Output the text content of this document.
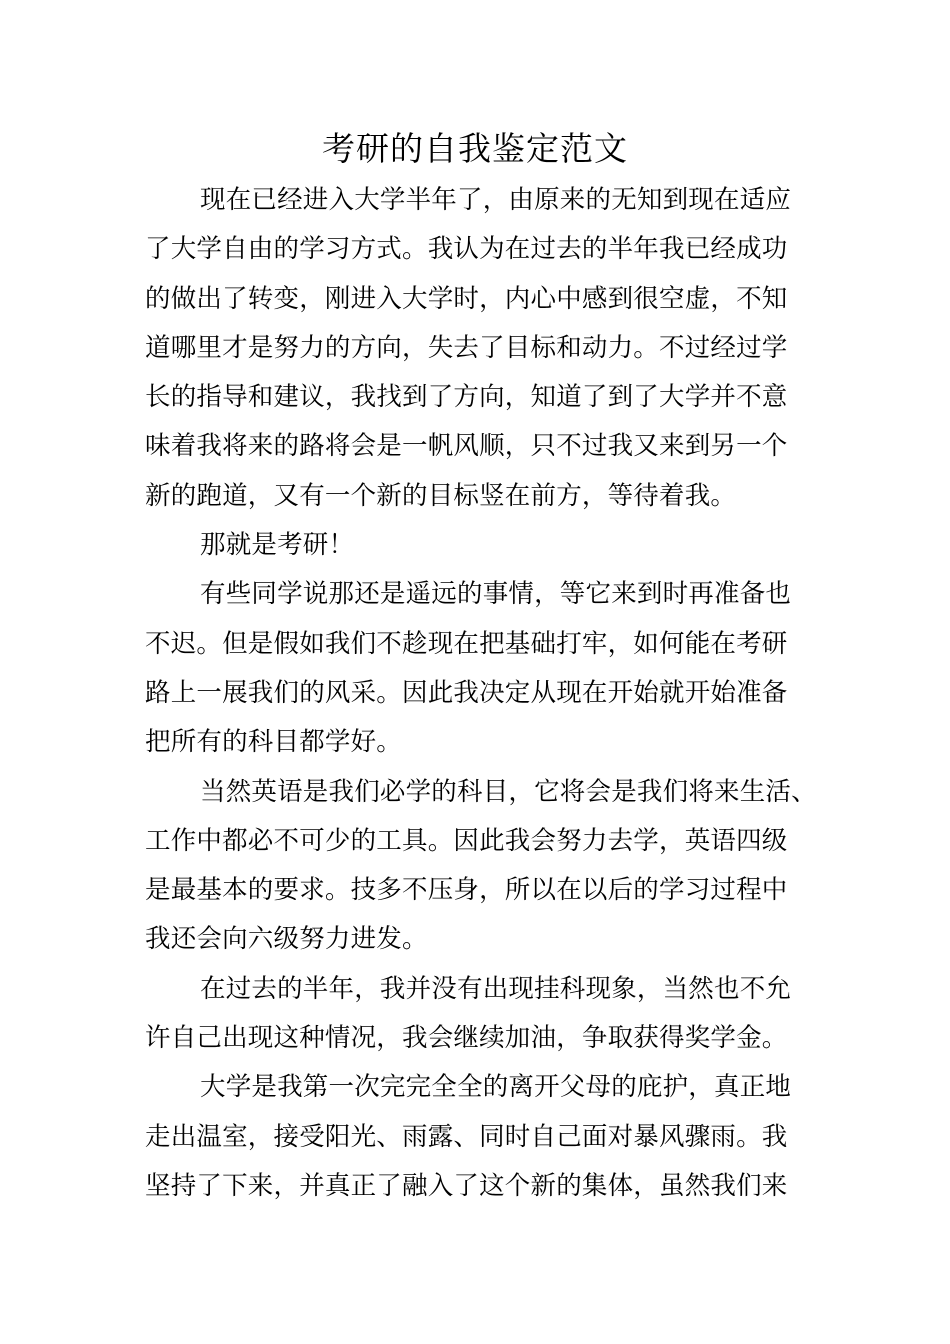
考研的自我鉴定范文
现在已经进入大学半年了，由原来的无知到现在适应
了大学自由的学习方式。我认为在过去的半年我已经成功
的做出了转变，刚进入大学时，内心中感到很空虚，不知
道哪里才是努力的方向，失去了目标和动力。不过经过学
长的指导和建议，我找到了方向，知道了到了大学并不意
味着我将来的路将会是一帆风顺，只不过我又来到另一个
新的跑道，又有一个新的目标竖在前方，等待着我。
那就是考研！
有些同学说那还是遥远的事情，等它来到时再准备也
不迟。但是假如我们不趁现在把基础打牢，如何能在考研
路上一展我们的风采。因此我决定从现在开始就开始准备
把所有的科目都学好。
当然英语是我们必学的科目，它将会是我们将来生活、
工作中都必不可少的工具。因此我会努力去学，英语四级
是最基本的要求。技多不压身，所以在以后的学习过程中
我还会向六级努力进发。
在过去的半年，我并没有出现挂科现象，当然也不允
许自己出现这种情况，我会继续加油，争取获得奖学金。
大学是我第一次完完全全的离开父母的庇护，真正地
走出温室，接受阳光、雨露、同时自己面对暴风骤雨。我
坚持了下来，并真正了融入了这个新的集体，虽然我们来
